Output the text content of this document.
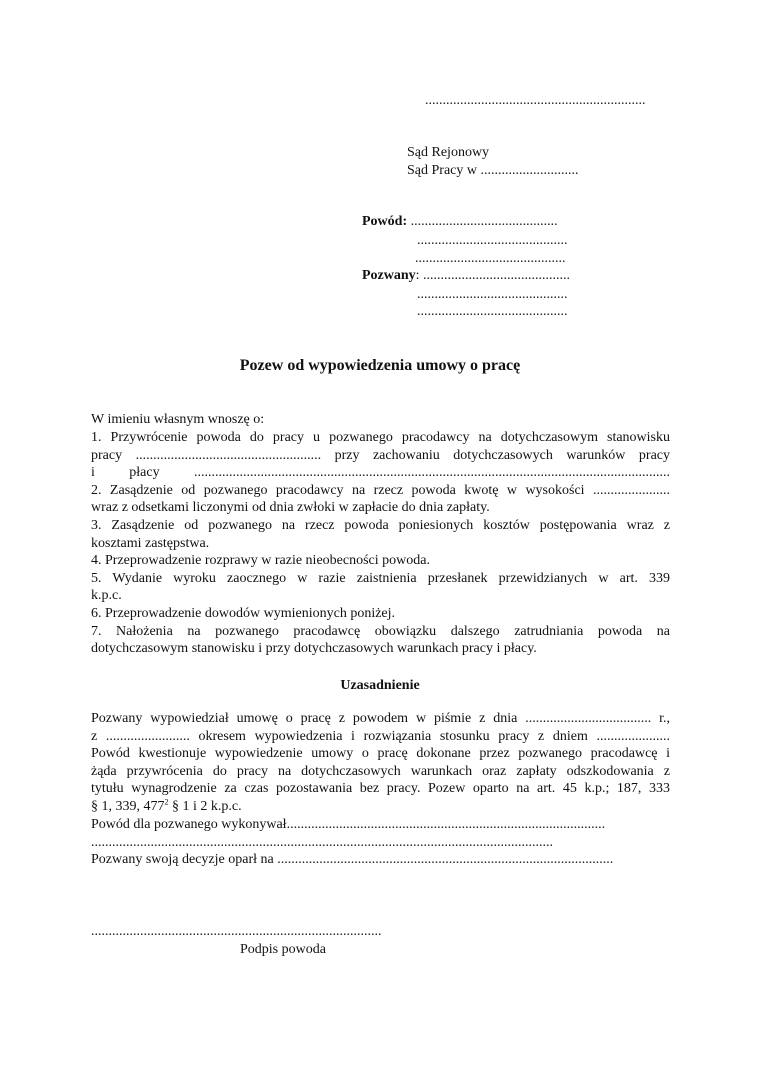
...............................................................
Sąd Rejonowy
Sąd Pracy w ............................
Powód: ..........................................
...........................................
...........................................
Pozwany: ..........................................
...........................................
...........................................
Pozew od wypowiedzenia umowy o pracę
W imieniu własnym wnoszę o:
1. Przywrócenie powoda do pracy u pozwanego pracodawcy na dotychczasowym stanowisku
pracy ..................................................... przy zachowaniu dotychczasowych warunków pracy
i płacy ........................................................................................................................................
2. Zasądzenie od pozwanego pracodawcy na rzecz powoda kwotę w wysokości ......................
wraz z odsetkami liczonymi od dnia zwłoki w zapłacie do dnia zapłaty.
3. Zasądzenie od pozwanego na rzecz powoda poniesionych kosztów postępowania wraz z
kosztami zastępstwa.
4. Przeprowadzenie rozprawy w razie nieobecności powoda.
5. Wydanie wyroku zaocznego w razie zaistnienia przesłanek przewidzianych w art. 339
k.p.c.
6. Przeprowadzenie dowodów wymienionych poniżej.
7. Nałożenia na pozwanego pracodawcę obowiązku dalszego zatrudniania powoda na
dotychczasowym stanowisku i przy dotychczasowych warunkach pracy i płacy.
Uzasadnienie
Pozwany wypowiedział umowę o pracę z powodem w piśmie z dnia .................................... r.,
z ........................ okresem wypowiedzenia i rozwiązania stosunku pracy z dniem .....................
Powód kwestionuje wypowiedzenie umowy o pracę dokonane przez pozwanego pracodawcę i
żąda przywrócenia do pracy na dotychczasowych warunkach oraz zapłaty odszkodowania z
tytułu wynagrodzenie za czas pozostawania bez pracy. Pozew oparto na art. 45 k.p.; 187, 333
§ 1, 339, $477^2$ § 1 i 2 k.p.c.
Powód dla pozwanego wykonywał...........................................................................................
....................................................................................................................................
Pozwany swoją decyzje oparł na ................................................................................................
...................................................................................
Podpis powoda
